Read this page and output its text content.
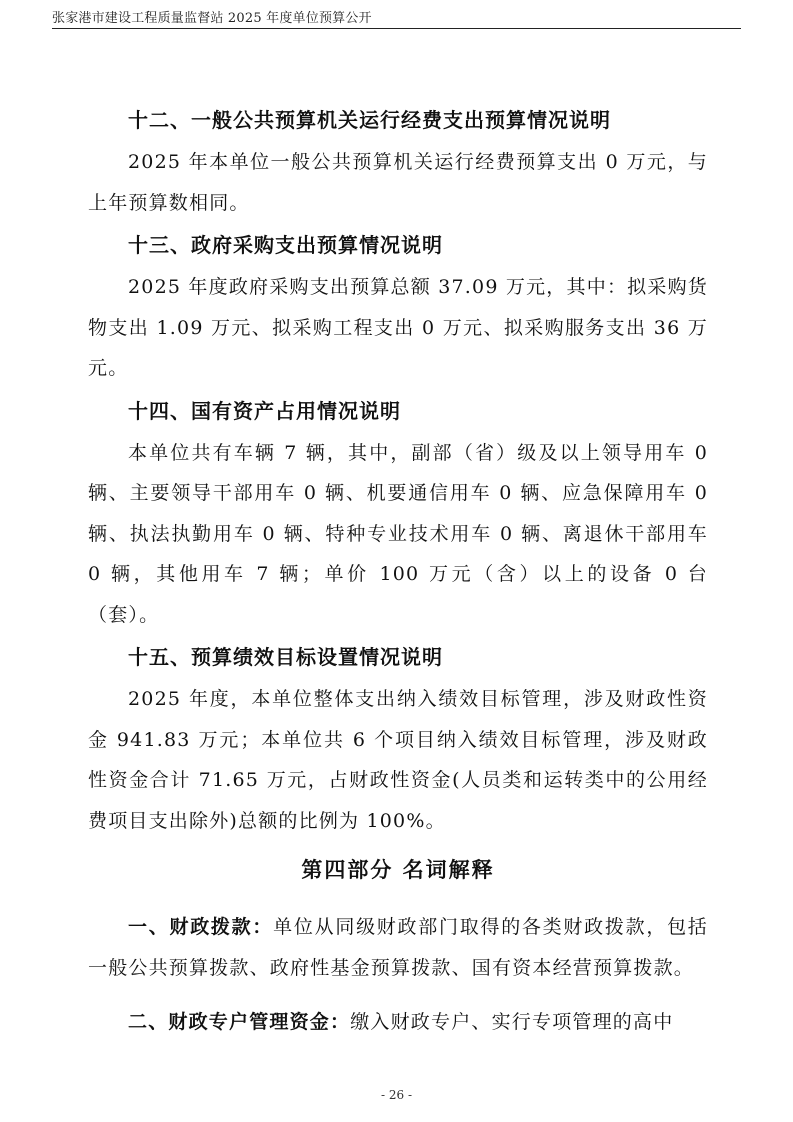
张家港市建设工程质量监督站 2025 年度单位预算公开
十二、一般公共预算机关运行经费支出预算情况说明

2025 年本单位一般公共预算机关运行经费预算支出 0 万元，与上年预算数相同。

十三、政府采购支出预算情况说明

2025 年度政府采购支出预算总额 37.09 万元，其中：拟采购货物支出 1.09 万元、拟采购工程支出 0 万元、拟采购服务支出 36 万元。

十四、国有资产占用情况说明

本单位共有车辆 7 辆，其中，副部（省）级及以上领导用车 0 辆、主要领导干部用车 0 辆、机要通信用车 0 辆、应急保障用车 0 辆、执法执勤用车 0 辆、特种专业技术用车 0 辆、离退休干部用车 0 辆，其他用车 7 辆；单价 100 万元（含）以上的设备 0 台（套）。

十五、预算绩效目标设置情况说明

2025 年度，本单位整体支出纳入绩效目标管理，涉及财政性资金 941.83 万元；本单位共 6 个项目纳入绩效目标管理，涉及财政性资金合计 71.65 万元，占财政性资金(人员类和运转类中的公用经费项目支出除外)总额的比例为 100%。

第四部分 名词解释

一、财政拨款：单位从同级财政部门取得的各类财政拨款，包括一般公共预算拨款、政府性基金预算拨款、国有资本经营预算拨款。

二、财政专户管理资金：缴入财政专户、实行专项管理的高中

- 26 -
